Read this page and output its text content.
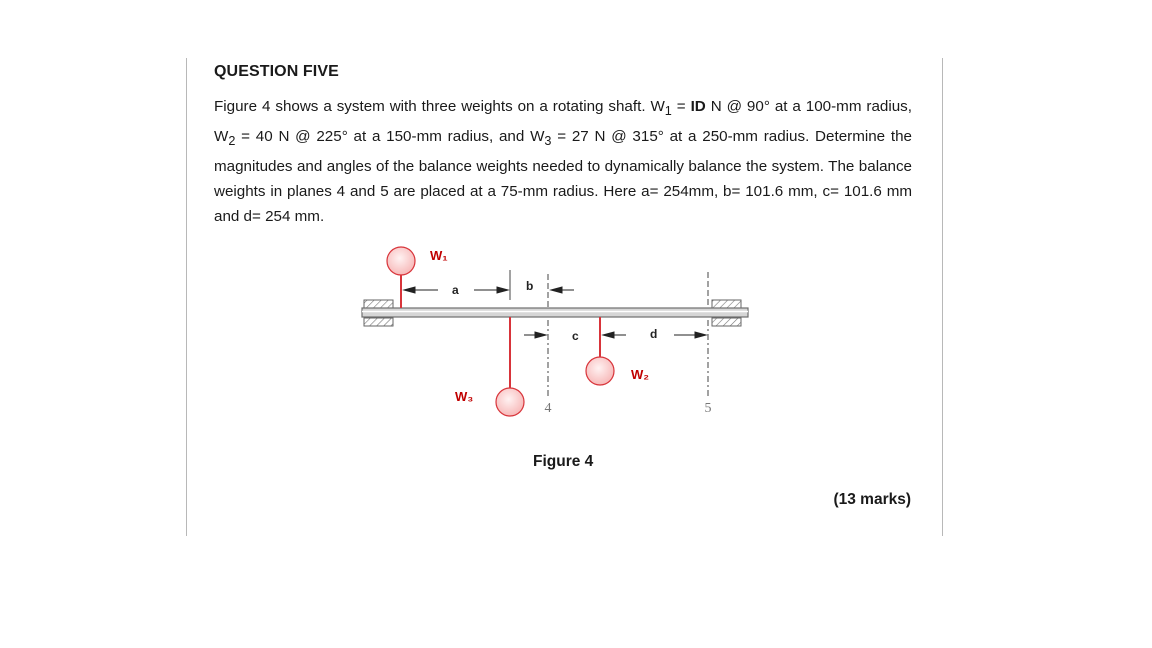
QUESTION FIVE
Figure 4 shows a system with three weights on a rotating shaft. $W_1$ = ID N @ 90° at a 100-mm radius, $W_2 = 40$ N @ 225° at a 150-mm radius, and $W_3 = 27$ N @ 315° at a 250-mm radius. Determine the magnitudes and angles of the balance weights needed to dynamically balance the system. The balance weights in planes 4 and 5 are placed at a 75-mm radius. Here a= 254mm, b= 101.6 mm, c= 101.6 mm and d= 254 mm.
W₁
a	b
c	d
W₂
W₃
4	5
Figure 4
(13 marks)
